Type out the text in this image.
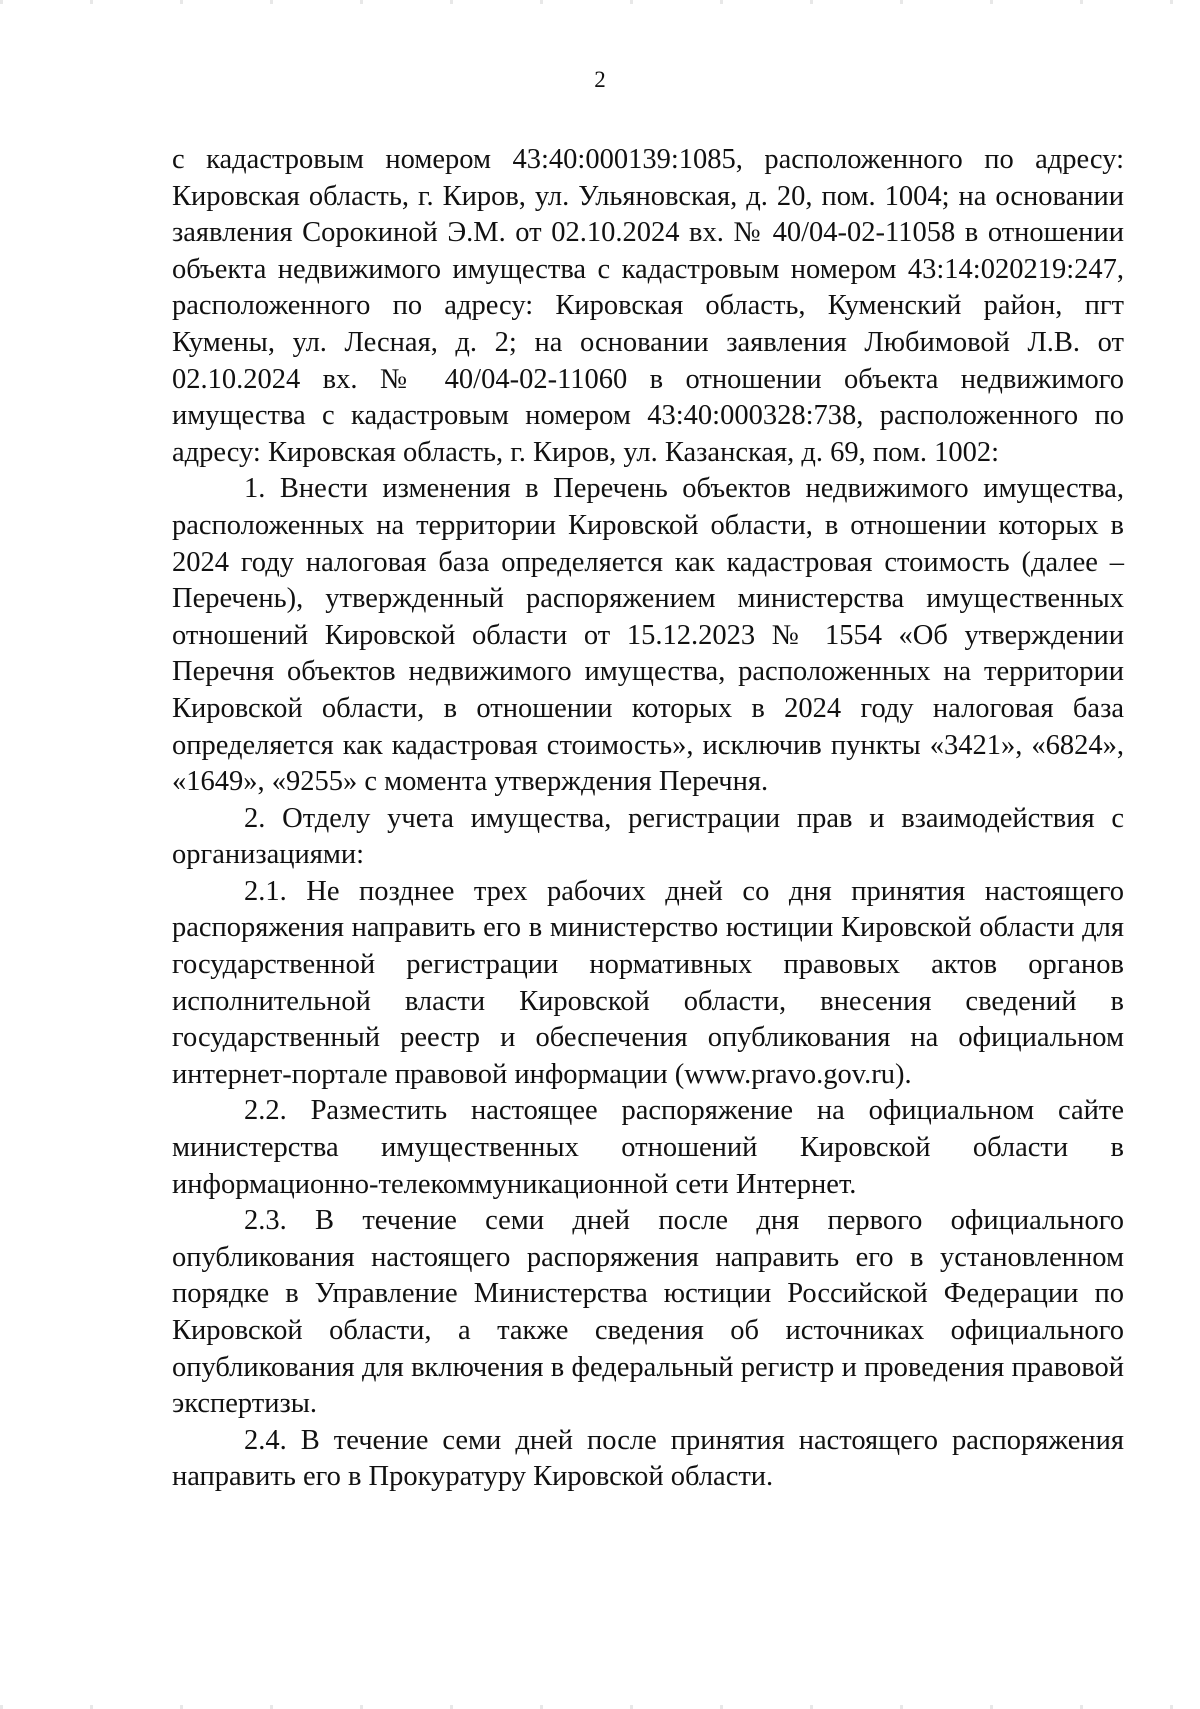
2

с кадастровым номером 43:40:000139:1085, расположенного по адресу: Кировская область, г. Киров, ул. Ульяновская, д. 20, пом. 1004; на основании заявления Сорокиной Э.М. от 02.10.2024 вх. № 40/04-02-11058 в отношении объекта недвижимого имущества с кадастровым номером 43:14:020219:247, расположенного по адресу: Кировская область, Куменский район, пгт Кумены, ул. Лесная, д. 2; на основании заявления Любимовой Л.В. от 02.10.2024 вх. № 40/04-02-11060 в отношении объекта недвижимого имущества с кадастровым номером 43:40:000328:738, расположенного по адресу: Кировская область, г. Киров, ул. Казанская, д. 69, пом. 1002:

1. Внести изменения в Перечень объектов недвижимого имущества, расположенных на территории Кировской области, в отношении которых в 2024 году налоговая база определяется как кадастровая стоимость (далее – Перечень), утвержденный распоряжением министерства имущественных отношений Кировской области от 15.12.2023 № 1554 «Об утверждении Перечня объектов недвижимого имущества, расположенных на территории Кировской области, в отношении которых в 2024 году налоговая база определяется как кадастровая стоимость», исключив пункты «3421», «6824», «1649», «9255» с момента утверждения Перечня.

2. Отделу учета имущества, регистрации прав и взаимодействия с организациями:

2.1. Не позднее трех рабочих дней со дня принятия настоящего распоряжения направить его в министерство юстиции Кировской области для государственной регистрации нормативных правовых актов органов исполнительной власти Кировской области, внесения сведений в государственный реестр и обеспечения опубликования на официальном интернет-портале правовой информации (www.pravo.gov.ru).

2.2. Разместить настоящее распоряжение на официальном сайте министерства имущественных отношений Кировской области в информационно-телекоммуникационной сети Интернет.

2.3. В течение семи дней после дня первого официального опубликования настоящего распоряжения направить его в установленном порядке в Управление Министерства юстиции Российской Федерации по Кировской области, а также сведения об источниках официального опубликования для включения в федеральный регистр и проведения правовой экспертизы.

2.4. В течение семи дней после принятия настоящего распоряжения направить его в Прокуратуру Кировской области.
